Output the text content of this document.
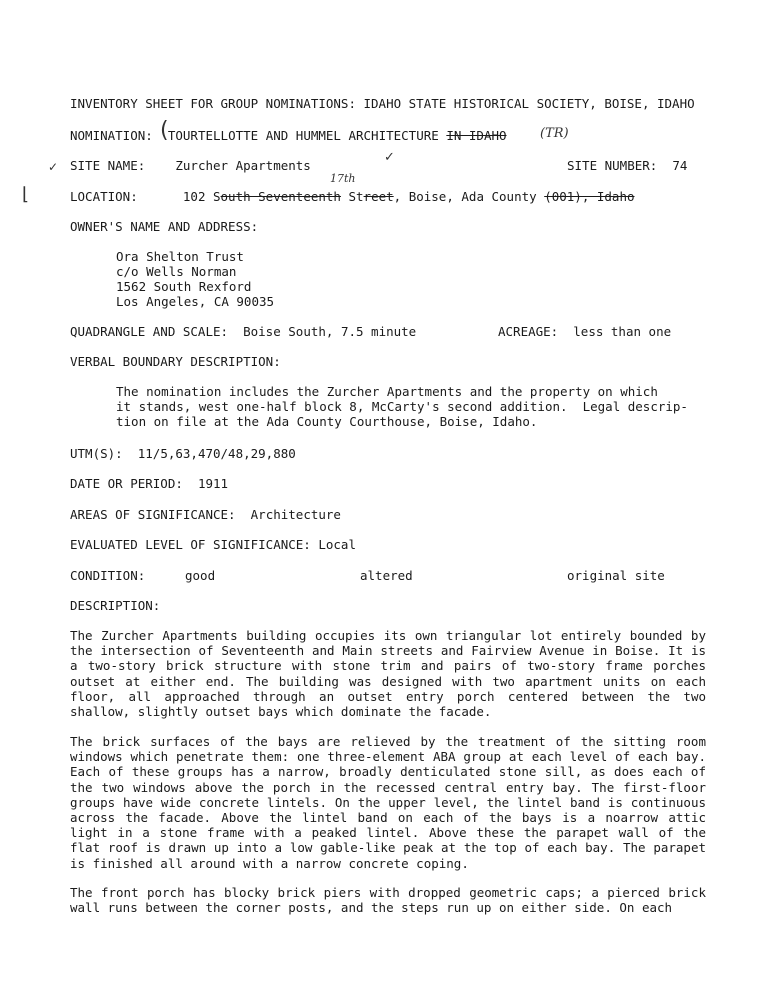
INVENTORY SHEET FOR GROUP NOMINATIONS: IDAHO STATE HISTORICAL SOCIETY, BOISE, IDAHO
NOMINATION: TOURTELLOTTE AND HUMMEL ARCHITECTURE IN IDAHO	(TR)
(
✓ SITE NAME: Zurcher Apartments
✓
SITE NUMBER: 74
17th
⌊	LOCATION:	102 South Seventeenth Street, Boise, Ada County (001), Idaho
OWNER'S NAME AND ADDRESS:
Ora Shelton Trust
c/o Wells Norman
1562 South Rexford
Los Angeles, CA 90035
QUADRANGLE AND SCALE: Boise South, 7.5 minute	ACREAGE: less than one
VERBAL BOUNDARY DESCRIPTION:
The nomination includes the Zurcher Apartments and the property on which
it stands, west one-half block 8, McCarty's second addition.  Legal descrip-
tion on file at the Ada County Courthouse, Boise, Idaho.
UTM(S): 11/5,63,470/48,29,880
DATE OR PERIOD: 1911
AREAS OF SIGNIFICANCE: Architecture
EVALUATED LEVEL OF SIGNIFICANCE: Local
CONDITION:	good	altered	original site
DESCRIPTION:

The Zurcher Apartments building occupies its own triangular lot entirely bounded by the intersection of Seventeenth and Main streets and Fairview Avenue in Boise. It is a two-story brick structure with stone trim and pairs of two-story frame porches outset at either end. The building was designed with two apartment units on each floor, all approached through an outset entry porch centered between the two shallow, slightly outset bays which dominate the facade.

The brick surfaces of the bays are relieved by the treatment of the sitting room windows which penetrate them: one three-element ABA group at each level of each bay. Each of these groups has a narrow, broadly denticulated stone sill, as does each of the two windows above the porch in the recessed central entry bay. The first-floor groups have wide concrete lintels. On the upper level, the lintel band is continuous across the facade. Above the lintel band on each of the bays is a noarrow attic light in a stone frame with a peaked lintel. Above these the parapet wall of the flat roof is drawn up into a low gable-like peak at the top of each bay. The parapet is finished all around with a narrow concrete coping.

The front porch has blocky brick piers with dropped geometric caps; a pierced brick wall runs between the corner posts, and the steps run up on either side. On each
